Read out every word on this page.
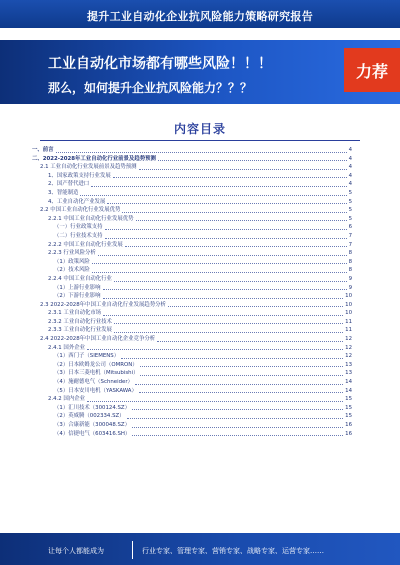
提升工业自动化企业抗风险能力策略研究报告
工业自动化市场都有哪些风险！！！
那么，如何提升企业抗风险能力？？？
力荐
内容目录
一、前言	4
二、2022-2028年工业自动化行业前景及趋势预测	4
2.1 工业自动化行业发展前景及趋势预测	4
1、国家政策支持行业发展	4
2、国产替代进口	4
3、智能制造	5
4、工业自动化产业发展	5
2.2 中国工业自动化行业发展优势	5
2.2.1 中国工业自动化行业发展优势	5
（一）行业政策支持	6
（二）行业技术支持	7
2.2.2 中国工业自动化行业发展	7
2.2.3 行业风险分析	8
（1）政策风险	8
（2）技术风险	8
2.2.4 中国工业自动化行业	9
（1）上游行业影响	9
（2）下游行业影响	10
2.3 2022-2028年中国工业自动化行业发展趋势分析	10
2.3.1 工业自动化市场	10
2.3.2 工业自动化行业技术	11
2.3.3 工业自动化行业发展	11
2.4 2022-2028年中国工业自动化企业竞争分析	12
2.4.1 国外企业	12
（1）西门子（SIEMENS）	12
（2）日本欧姆龙公司（OMRON）	13
（3）日本三菱电机（Mitsubishi）	13
（4）施耐德电气（Schneider）	14
（5）日本安川电机（YASKAWA）	14
2.4.2 国内企业	15
（1）汇川技术（300124.SZ）	15
（2）英威腾（002334.SZ）	15
（3）合康新能（300048.SZ）	16
（4）信捷电气（603416.SH）	16
让每个人都能成为	行业专家、管理专家、营销专家、战略专家、运营专家……
